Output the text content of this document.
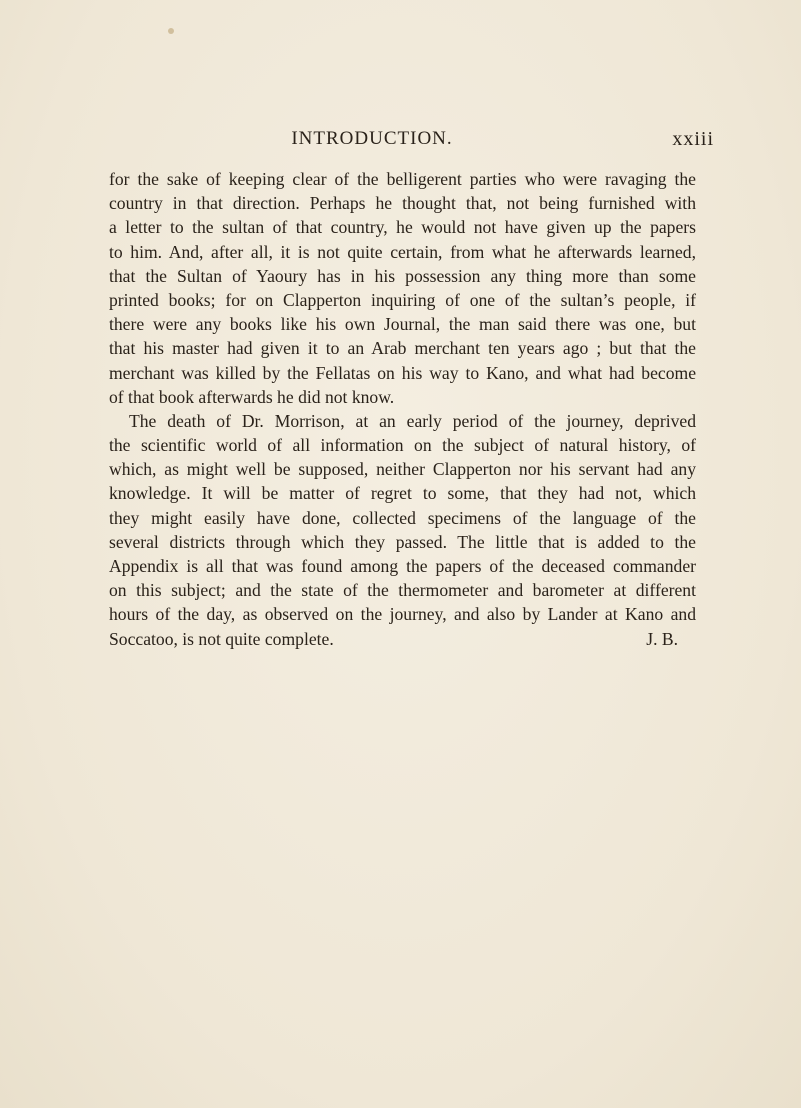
INTRODUCTION.	xxiii
for the sake of keeping clear of the belligerent parties who were ravaging the
country in that direction. Perhaps he thought that, not being furnished with
a letter to the sultan of that country, he would not have given up the papers
to him. And, after all, it is not quite certain, from what he afterwards learned,
that the Sultan of Yaoury has in his possession any thing more than some
printed books; for on Clapperton inquiring of one of the sultan’s people, if
there were any books like his own Journal, the man said there was one, but
that his master had given it to an Arab merchant ten years ago ; but that the
merchant was killed by the Fellatas on his way to Kano, and what had become
of that book afterwards he did not know.
The death of Dr. Morrison, at an early period of the journey, deprived
the scientific world of all information on the subject of natural history, of
which, as might well be supposed, neither Clapperton nor his servant had any
knowledge. It will be matter of regret to some, that they had not, which
they might easily have done, collected specimens of the language of the
several districts through which they passed. The little that is added to the
Appendix is all that was found among the papers of the deceased commander
on this subject; and the state of the thermometer and barometer at different
hours of the day, as observed on the journey, and also by Lander at Kano and
Soccatoo, is not quite complete.	J. B.
